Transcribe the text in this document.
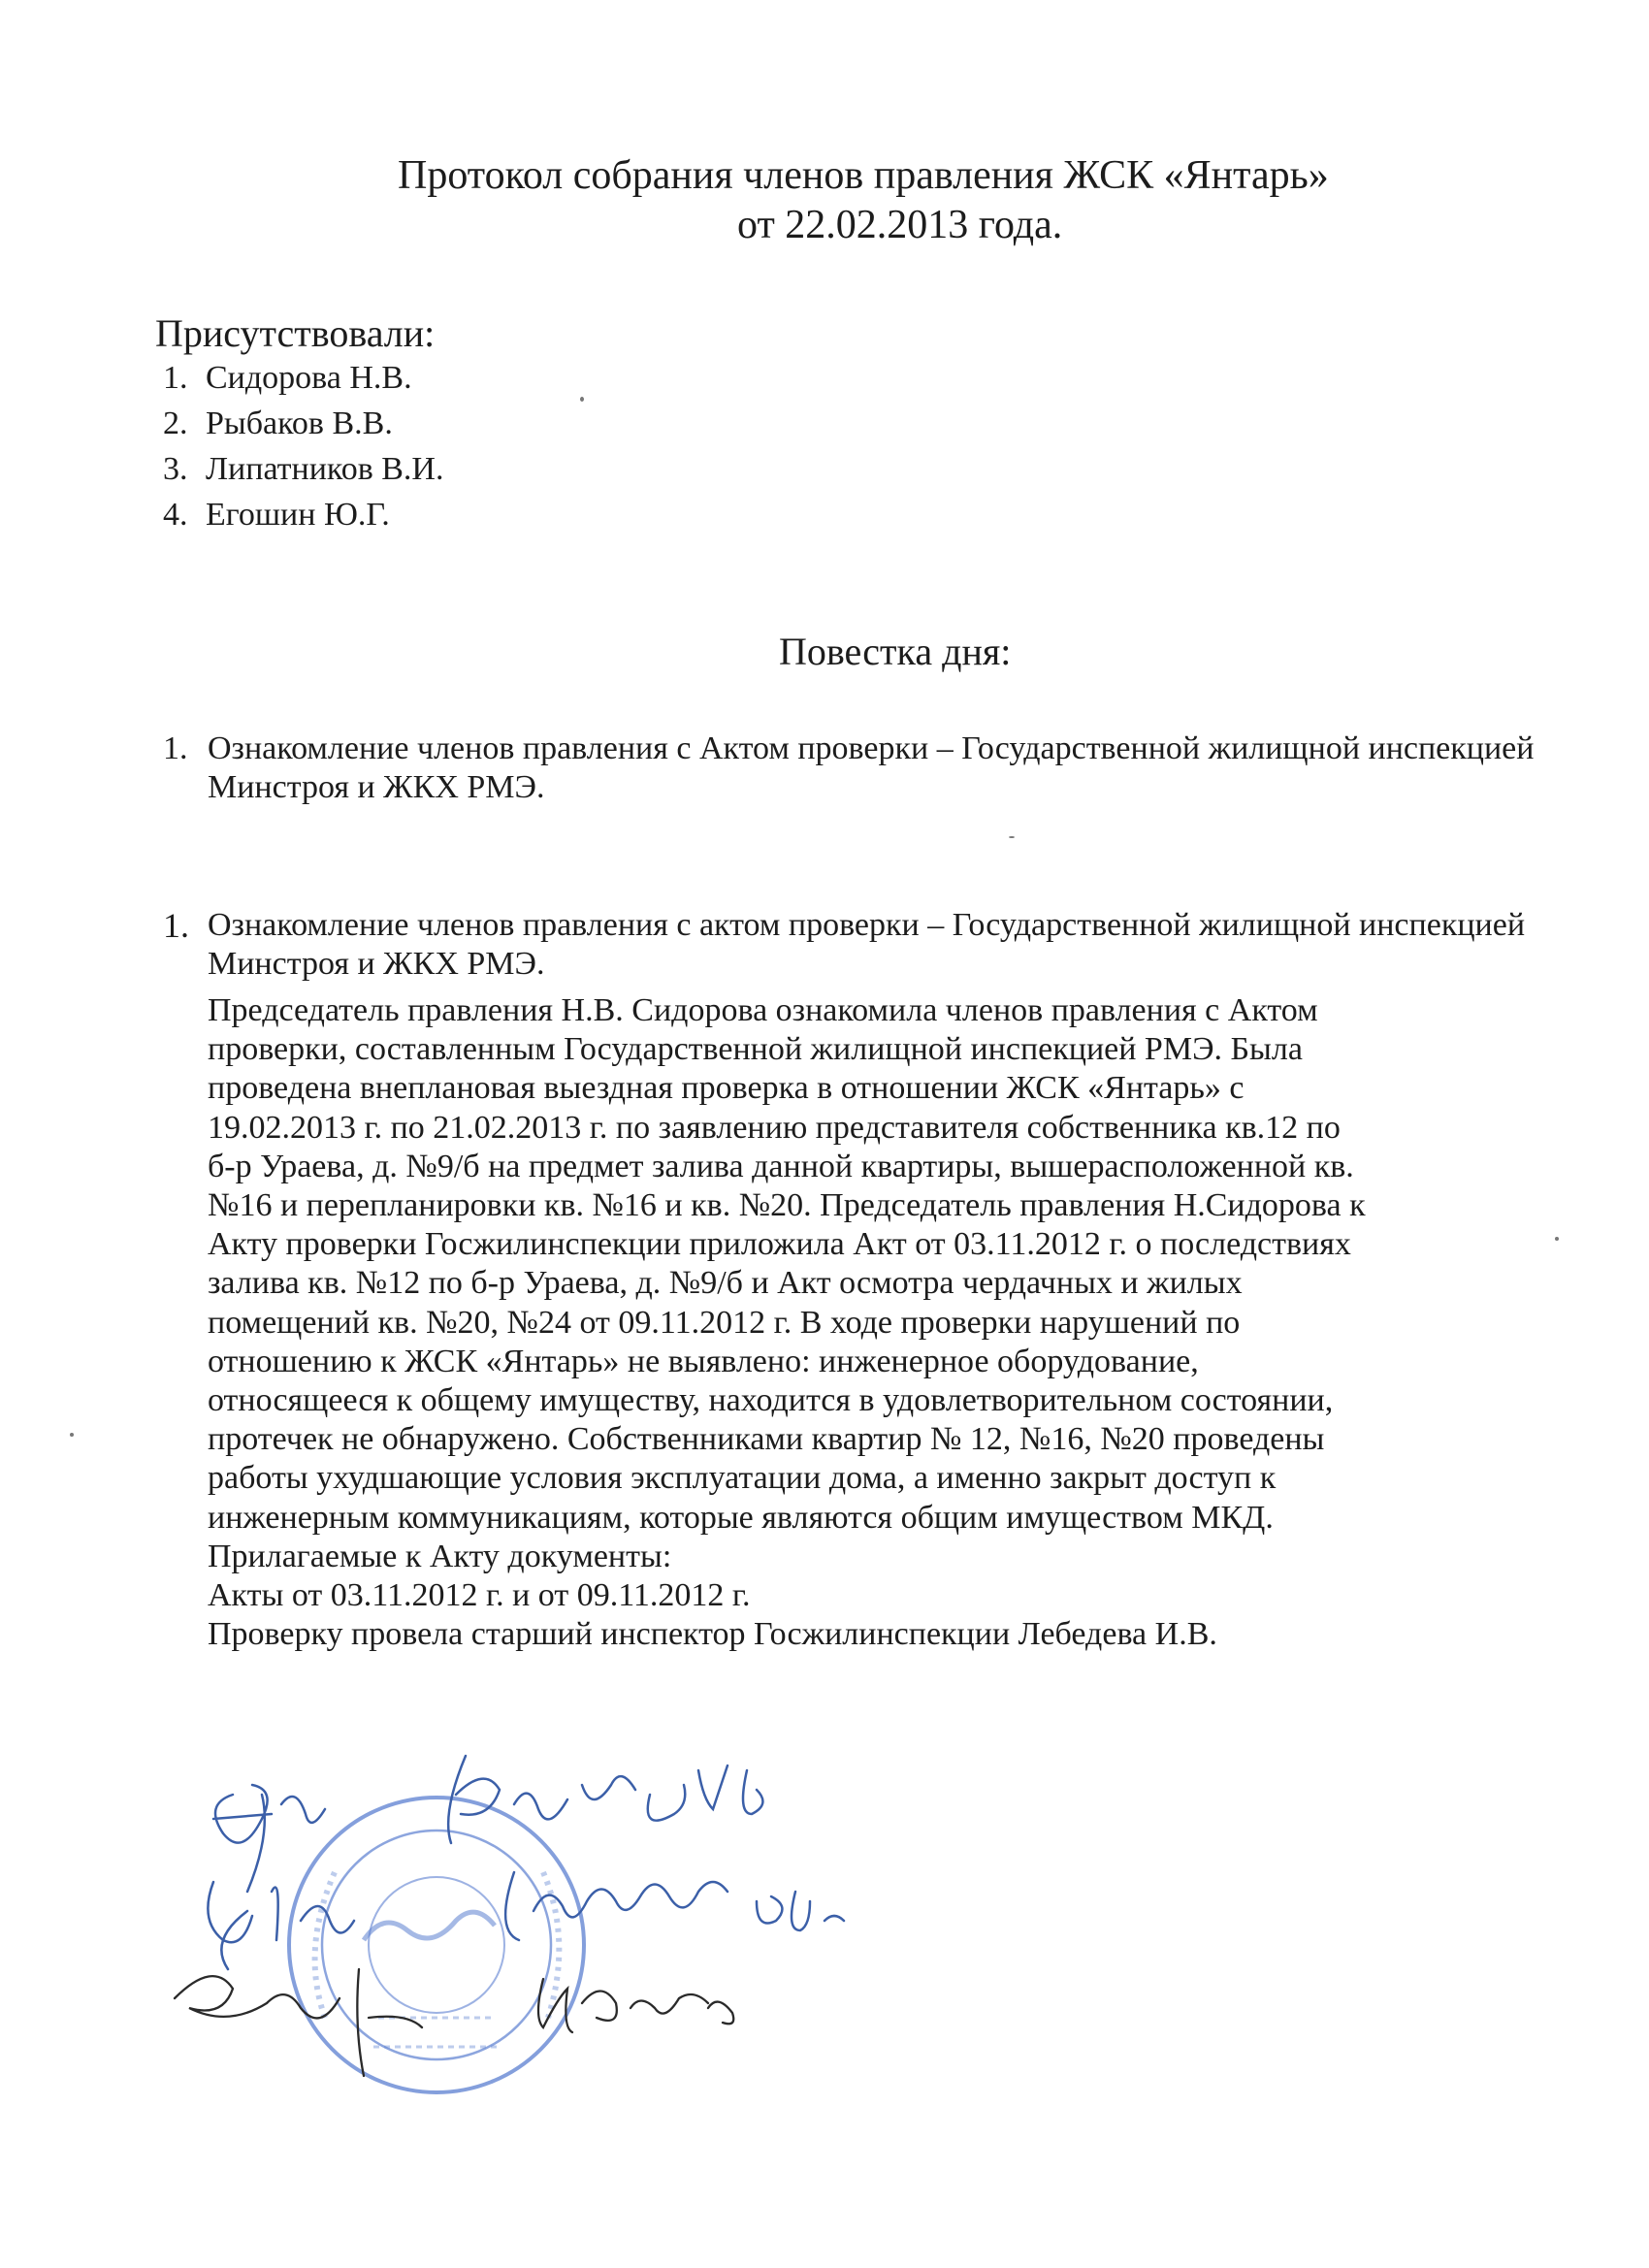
Протокол собрания членов правления ЖСК «Янтарь»
от 22.02.2013 года.
Присутствовали:
1. Сидорова Н.В.
2. Рыбаков В.В.
3. Липатников В.И.
4. Егошин Ю.Г.
Повестка дня:
1. Ознакомление членов правления с Актом проверки – Государственной жилищной инспекцией Минстроя и ЖКХ РМЭ.
1. Ознакомление членов правления с актом проверки – Государственной жилищной инспекцией Минстроя и ЖКХ РМЭ.

Председатель правления Н.В. Сидорова ознакомила членов правления с Актом

проверки, составленным Государственной жилищной инспекцией РМЭ. Была

проведена внеплановая выездная проверка в отношении ЖСК «Янтарь» с

19.02.2013 г. по 21.02.2013 г. по заявлению представителя собственника кв.12 по

б-р Ураева, д. №9/б на предмет залива данной квартиры, вышерасположенной кв.

№16 и перепланировки кв. №16 и кв. №20. Председатель правления Н.Сидорова к

Акту проверки Госжилинспекции приложила Акт от 03.11.2012 г. о последствиях

залива кв. №12 по б-р Ураева, д. №9/б и Акт осмотра чердачных и жилых

помещений кв. №20, №24 от 09.11.2012 г. В ходе проверки нарушений по

отношению к ЖСК «Янтарь» не выявлено: инженерное оборудование,

относящееся к общему имуществу, находится в удовлетворительном состоянии,

протечек не обнаружено. Собственниками квартир № 12, №16, №20 проведены

работы ухудшающие условия эксплуатации дома, а именно закрыт доступ к

инженерным коммуникациям, которые являются общим имуществом МКД.

Прилагаемые к Акту документы:

Акты от 03.11.2012 г. и от 09.11.2012 г.

Проверку провела старший инспектор Госжилинспекции Лебедева И.В.
